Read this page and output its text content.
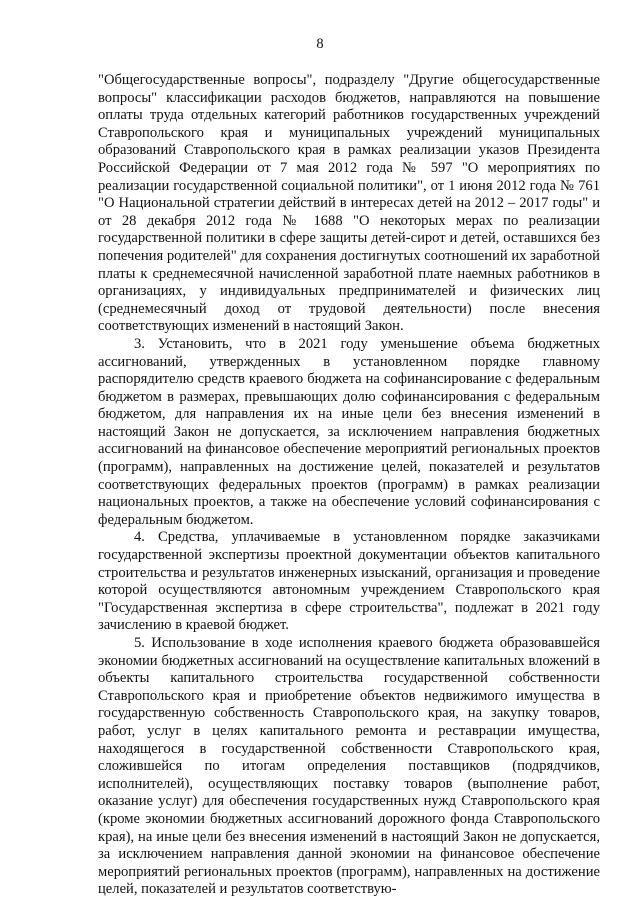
8

"Общегосударственные вопросы", подразделу "Другие общегосударственные вопросы" классификации расходов бюджетов, направляются на повышение оплаты труда отдельных категорий работников государственных учреждений Ставропольского края и муниципальных учреждений муниципальных образований Ставропольского края в рамках реализации указов Президента Российской Федерации от 7 мая 2012 года № 597 "О мероприятиях по реализации государственной социальной политики", от 1 июня 2012 года № 761 "О Национальной стратегии действий в интересах детей на 2012 – 2017 годы" и от 28 декабря 2012 года № 1688 "О некоторых мерах по реализации государственной политики в сфере защиты детей-сирот и детей, оставшихся без попечения родителей" для сохранения достигнутых соотношений их заработной платы к среднемесячной начисленной заработной плате наемных работников в организациях, у индивидуальных предпринимателей и физических лиц (среднемесячный доход от трудовой деятельности) после внесения соответствующих изменений в настоящий Закон.

3. Установить, что в 2021 году уменьшение объема бюджетных ассигнований, утвержденных в установленном порядке главному распорядителю средств краевого бюджета на софинансирование с федеральным бюджетом в размерах, превышающих долю софинансирования с федеральным бюджетом, для направления их на иные цели без внесения изменений в настоящий Закон не допускается, за исключением направления бюджетных ассигнований на финансовое обеспечение мероприятий региональных проектов (программ), направленных на достижение целей, показателей и результатов соответствующих федеральных проектов (программ) в рамках реализации национальных проектов, а также на обеспечение условий софинансирования с федеральным бюджетом.

4. Средства, уплачиваемые в установленном порядке заказчиками государственной экспертизы проектной документации объектов капитального строительства и результатов инженерных изысканий, организация и проведение которой осуществляются автономным учреждением Ставропольского края "Государственная экспертиза в сфере строительства", подлежат в 2021 году зачислению в краевой бюджет.

5. Использование в ходе исполнения краевого бюджета образовавшейся экономии бюджетных ассигнований на осуществление капитальных вложений в объекты капитального строительства государственной собственности Ставропольского края и приобретение объектов недвижимого имущества в государственную собственность Ставропольского края, на закупку товаров, работ, услуг в целях капитального ремонта и реставрации имущества, находящегося в государственной собственности Ставропольского края, сложившейся по итогам определения поставщиков (подрядчиков, исполнителей), осуществляющих поставку товаров (выполнение работ, оказание услуг) для обеспечения государственных нужд Ставропольского края (кроме экономии бюджетных ассигнований дорожного фонда Ставропольского края), на иные цели без внесения изменений в настоящий Закон не допускается, за исключением направления данной экономии на финансовое обеспечение мероприятий региональных проектов (программ), направленных на достижение целей, показателей и результатов соответствую-
